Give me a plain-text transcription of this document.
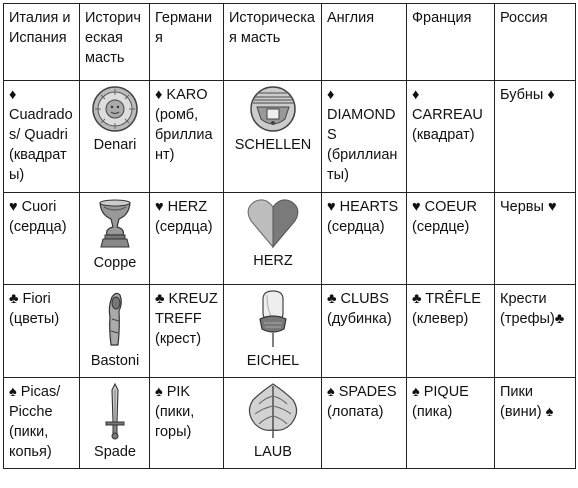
Италия и Испания	Историческая масть	Германия	Историческая масть	Англия	Франция	Россия
♦ Cuadrados/ Quadri (квадраты)	Denari	♦ KARO (ромб, бриллиант)	SCHELLEN	♦ DIAMONDS (бриллианты)	♦ CARREAU (квадрат)	Бубны ♦
♥ Cuori (сердца)	Coppe	♥ HERZ (сердца)	HERZ	♥ HEARTS (сердца)	♥ COEUR (сердце)	Червы ♥
♣ Fiori (цветы)	Bastoni	♣ KREUZ TREFF (крест)	EICHEL	♣ CLUBS (дубинка)	♣ TRÊFLE (клевер)	Крести (трефы)♣
♠ Picas/ Picche (пики, копья)	Spade	♠ PIK (пики, горы)	LAUB	♠ SPADES (лопата)	♠ PIQUE (пика)	Пики (вини) ♠
